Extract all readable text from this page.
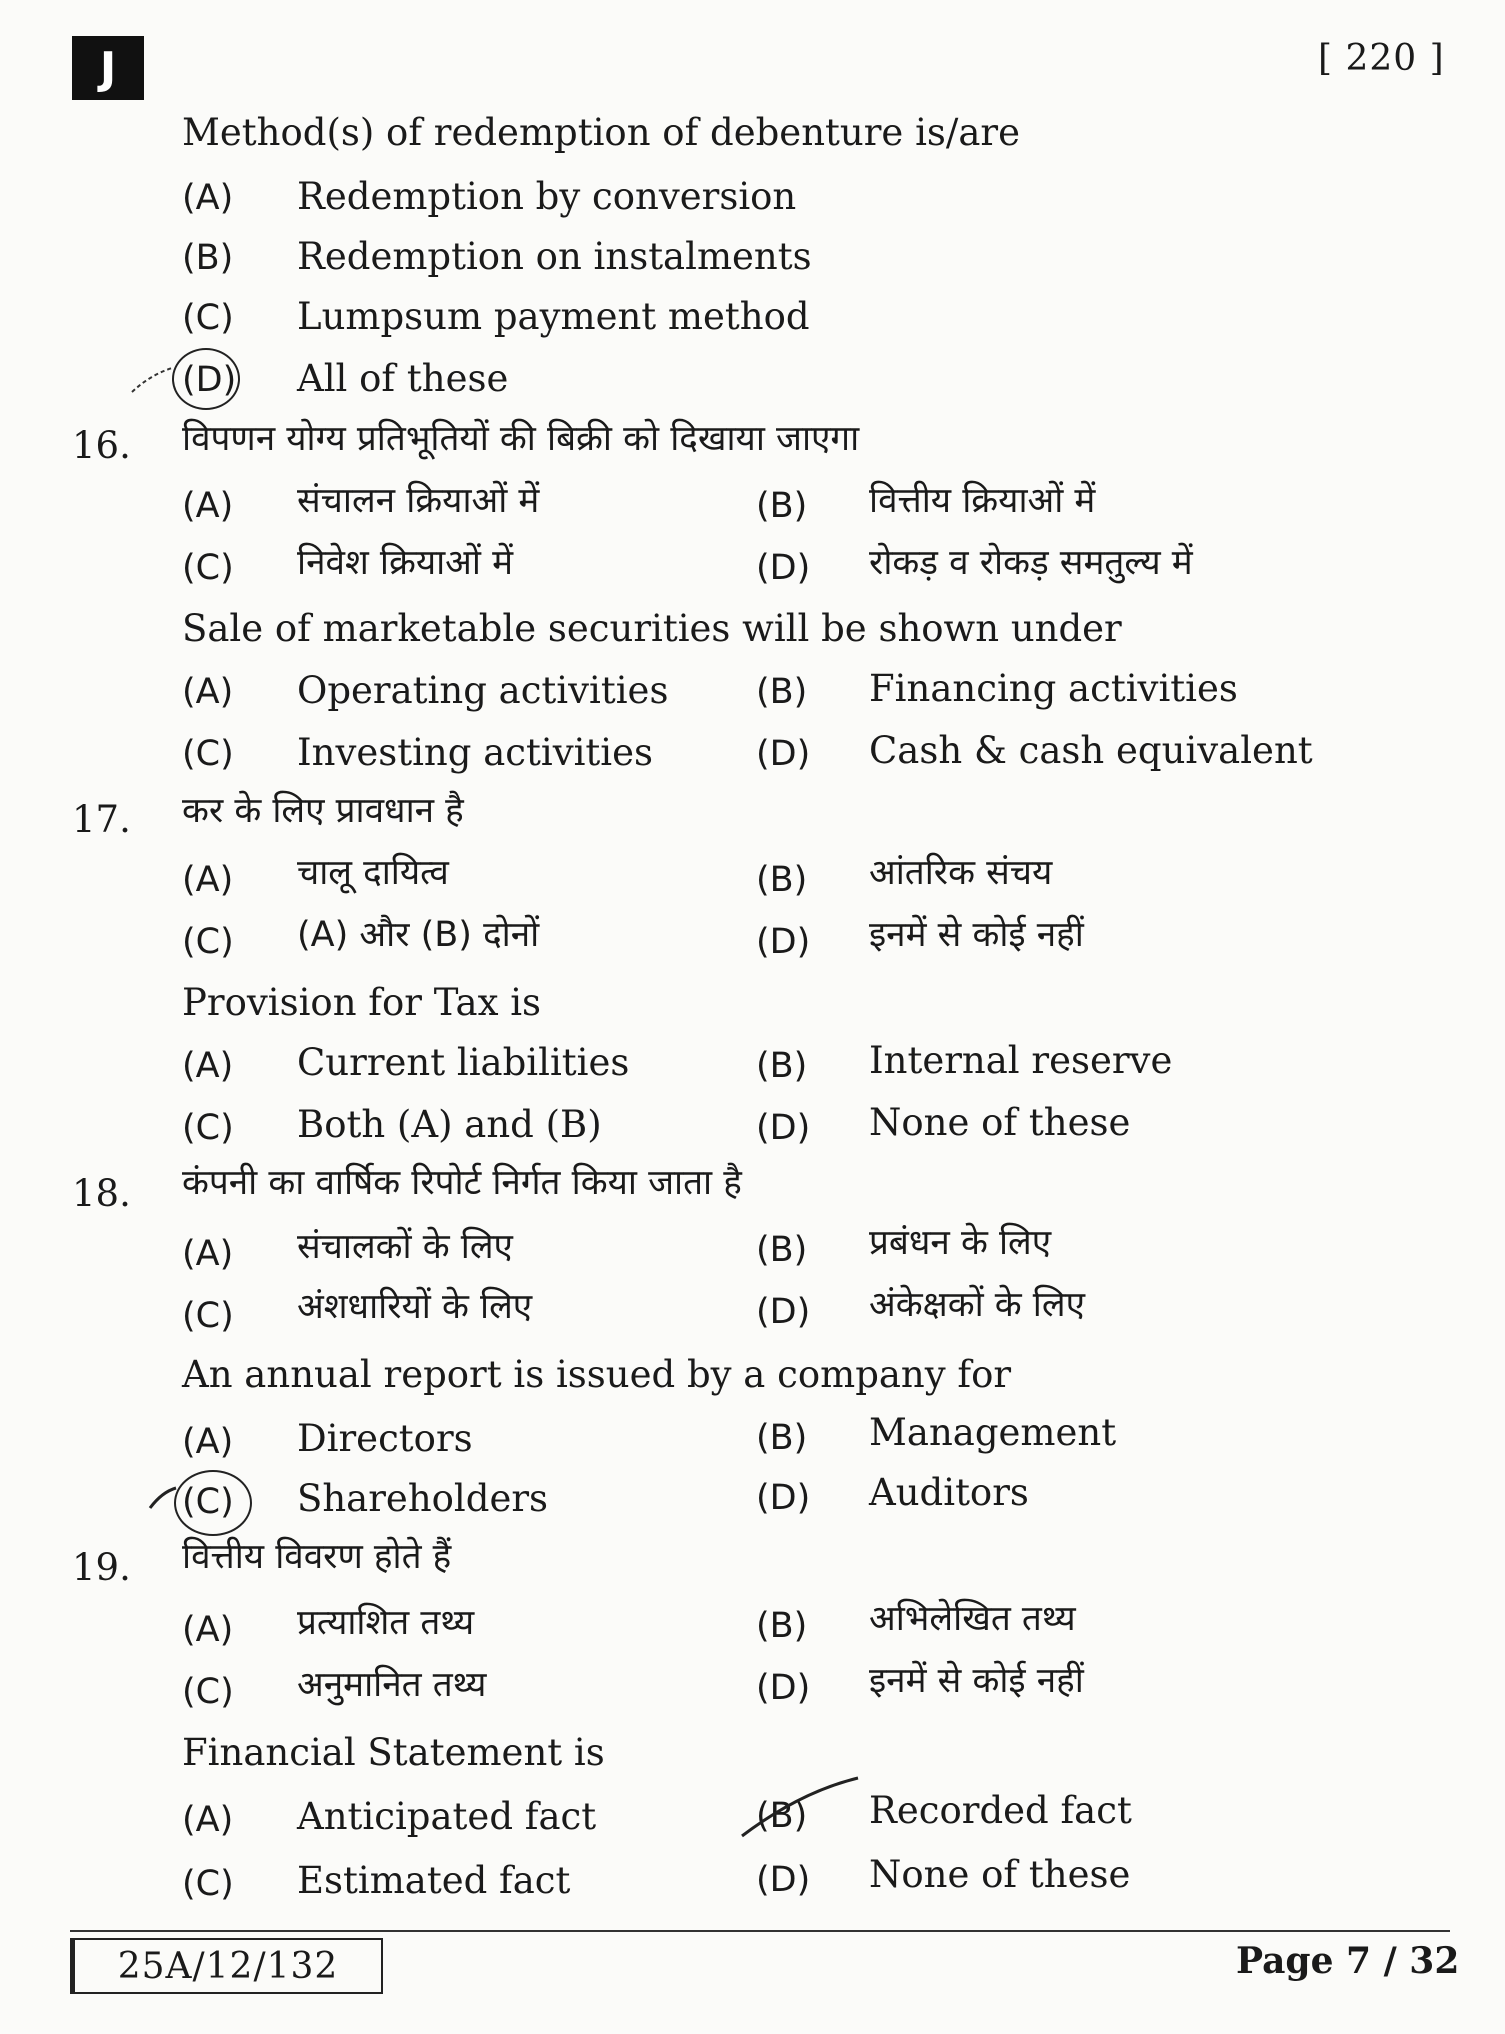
J	[ 220 ]
Method(s) of redemption of debenture is/are
(A) Redemption by conversion
(B) Redemption on instalments
(C) Lumpsum payment method
(D) All of these
16. विपणन योग्य प्रतिभूतियों की बिक्री को दिखाया जाएगा
(A) संचालन क्रियाओं में	(B) वित्तीय क्रियाओं में
(C) निवेश क्रियाओं में	(D) रोकड़ व रोकड़ समतुल्य में
Sale of marketable securities will be shown under
(A) Operating activities	(B) Financing activities
(C) Investing activities	(D) Cash & cash equivalent
17. कर के लिए प्रावधान है
(A) चालू दायित्व	(B) आंतरिक संचय
(C) (A) और (B) दोनों	(D) इनमें से कोई नहीं
Provision for Tax is
(A) Current liabilities	(B) Internal reserve
(C) Both (A) and (B)	(D) None of these
18. कंपनी का वार्षिक रिपोर्ट निर्गत किया जाता है
(A) संचालकों के लिए	(B) प्रबंधन के लिए
(C) अंशधारियों के लिए	(D) अंकेक्षकों के लिए
An annual report is issued by a company for
(A) Directors	(B) Management
(C) Shareholders	(D) Auditors
19. वित्तीय विवरण होते हैं
(A) प्रत्याशित तथ्य	(B) अभिलेखित तथ्य
(C) अनुमानित तथ्य	(D) इनमें से कोई नहीं
Financial Statement is
(A) Anticipated fact	(B) Recorded fact
(C) Estimated fact	(D) None of these
25A/12/132	Page 7 / 32
